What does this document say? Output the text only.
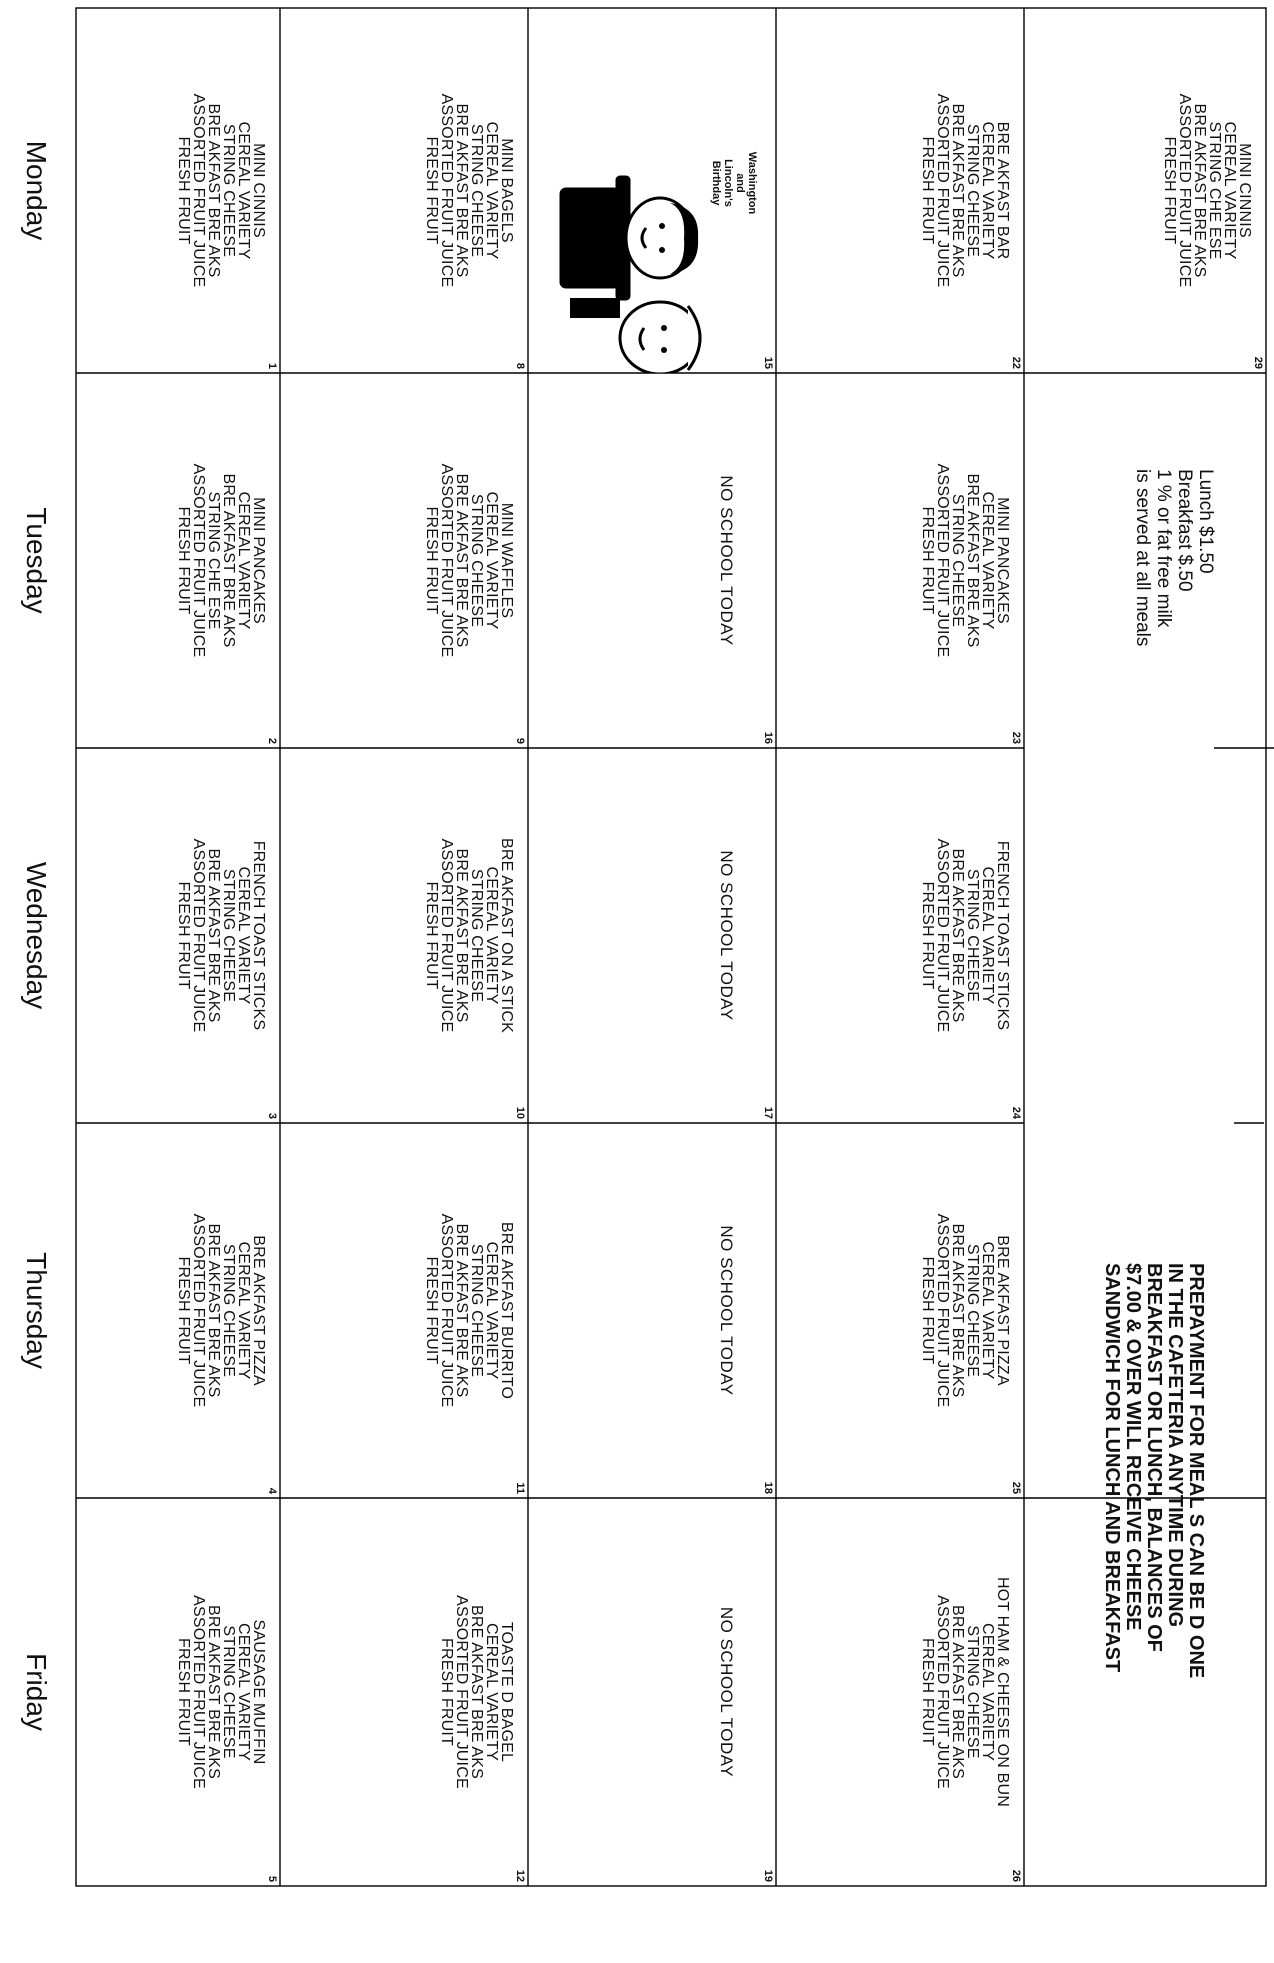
Monday
Tuesday
Wednesday
Thursday
Friday
1
MINI CINNIS
CEREAL VARIETY
STRING CHEESE
BRE AKFAST BRE AKS
ASSORTED FRUIT JUICE
FRESH FRUIT
2
MINI PANCAKES
CEREAL VARIETY
BRE AKFAST BRE AKS
STRING CHE ESE
ASSORTED FRUIT JUICE
FRESH FRUIT
3
FRENCH TOAST STICKS
CEREAL VARIETY
STRING CHEESE
BRE AKFAST BRE AKS
ASSORTED FRUIT JUICE
FRESH FRUIT
4
BRE AKFAST PIZZA
CEREAL VARIETY
STRING CHEESE
BRE AKFAST BRE AKS
ASSORTED FRUIT JUICE
FRESH FRUIT
5
SAUSAGE MUFFIN
CEREAL VARIETY
STRING CHEESE
BRE AKFAST BRE AKS
ASSORTED FRUIT JUICE
FRESH FRUIT
8
MINI BAGELS
CEREAL VARIETY
STRING CHEESE
BRE AKFAST BRE AKS
ASSORTED FRUIT JUICE
FRESH FRUIT
9
MINI WAFFLES
CEREAL VARIETY
STRING CHEESE
BRE AKFAST BRE AKS
ASSORTED FRUIT JUICE
FRESH FRUIT
10
BRE AKFAST ON A STICK
CEREAL VARIETY
STRING CHEESE
BRE AKFAST BRE AKS
ASSORTED FRUIT JUICE
FRESH FRUIT
11
BRE AKFAST BURRITO
CEREAL VARIETY
STRING CHEESE
BRE AKFAST BRE AKS
ASSORTED FRUIT JUICE
FRESH FRUIT
12
TOASTE D BAGEL
CEREAL VARIETY
BRE AKFAST BRE AKS
ASSORTED FRUIT JUICE
FRESH FRUIT
15
16
NO SCHOOL TODAY
17
NO SCHOOL TODAY
18
NO SCHOOL TODAY
19
NO SCHOOL TODAY
Washington
and
Lincoln's
Birthday
22
BRE AKFAST BAR
CEREAL VARIETY
STRING CHEESE
BRE AKFAST BRE AKS
ASSORTED FRUIT JUICE
FRESH FRUIT
23
MINI PANCAKES
CEREAL VARIETY
BRE AKFAST BRE AKS
STRING CHEESE
ASSORTED FRUIT JUICE
FRESH FRUIT
24
FRENCH TOAST STICKS
CEREAL VARIETY
STRING CHEESE
BRE AKFAST BRE AKS
ASSORTED FRUIT JUICE
FRESH FRUIT
25
BRE AKFAST PIZZA
CEREAL VARIETY
STRING CHEESE
BRE AKFAST BRE AKS
ASSORTED FRUIT JUICE
FRESH FRUIT
26
HOT HAM & CHEESE ON BUN
CEREAL VARIETY
STRING CHEESE
BRE AKFAST BRE AKS
ASSORTED FRUIT JUICE
FRESH FRUIT
29
MINI CINNIS
CEREAL VARIETY
STRING CHE ESE
BRE AKFAST BRE AKS
ASSORTED FRUIT JUICE
FRESH FRUIT
Lunch $1.50
Breakfast $.50
1 % or fat free milk
is served at all meals
PREPAYMENT FOR MEAL S CAN BE D ONE
IN THE CAFETERIA ANYTIME DURING
BREAKFAST OR LUNCH, BALANCES OF
$7.00 & OVER WILL RECEIVE CHEESE
SANDWICH FOR LUNCH AND BREAKFAST
